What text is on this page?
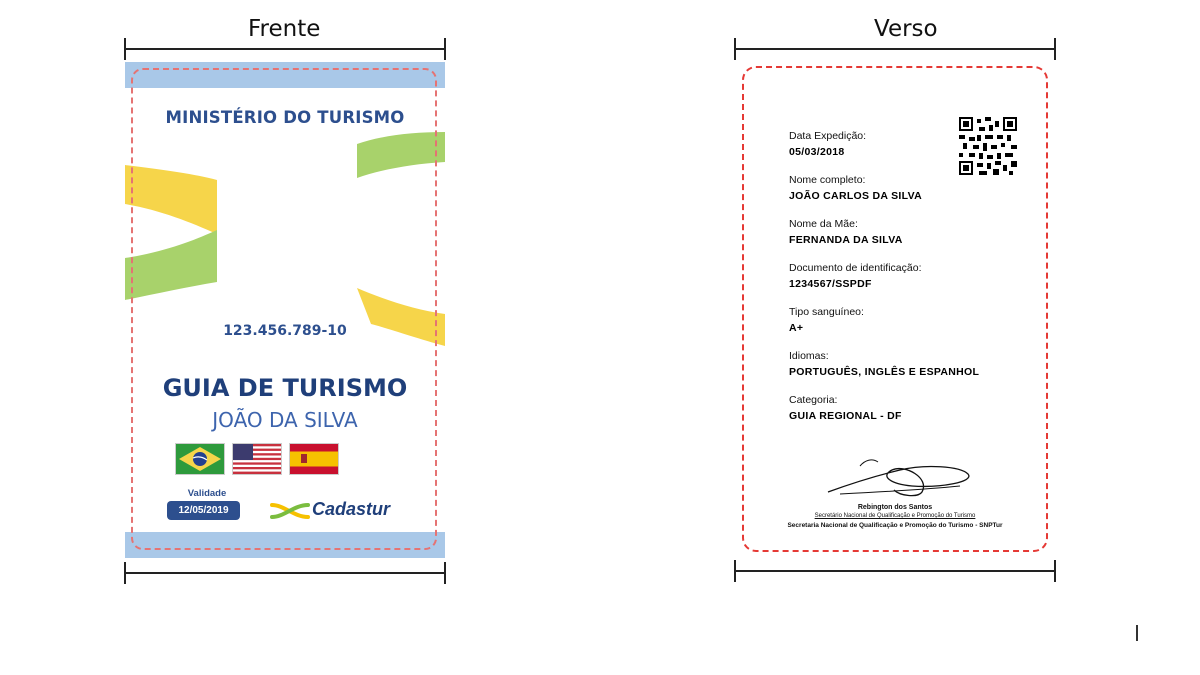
Frente	Verso
MINISTÉRIO DO TURISMO
123.456.789-10
GUIA DE TURISMO
JOÃO DA SILVA
Validade
12/05/2019	Cadastur
Data Expedição:
05/03/2018
Nome completo:
JOÃO CARLOS DA SILVA
Nome da Mãe:
FERNANDA DA SILVA
Documento de identificação:
1234567/SSPDF
Tipo sanguíneo:
A+
Idiomas:
PORTUGUÊS, INGLÊS E ESPANHOL
Categoria:
GUIA REGIONAL - DF
Rebington dos Santos
Secretário Nacional de Qualificação e Promoção do Turismo
Secretaria Nacional de Qualificação e Promoção do Turismo - SNPTur
